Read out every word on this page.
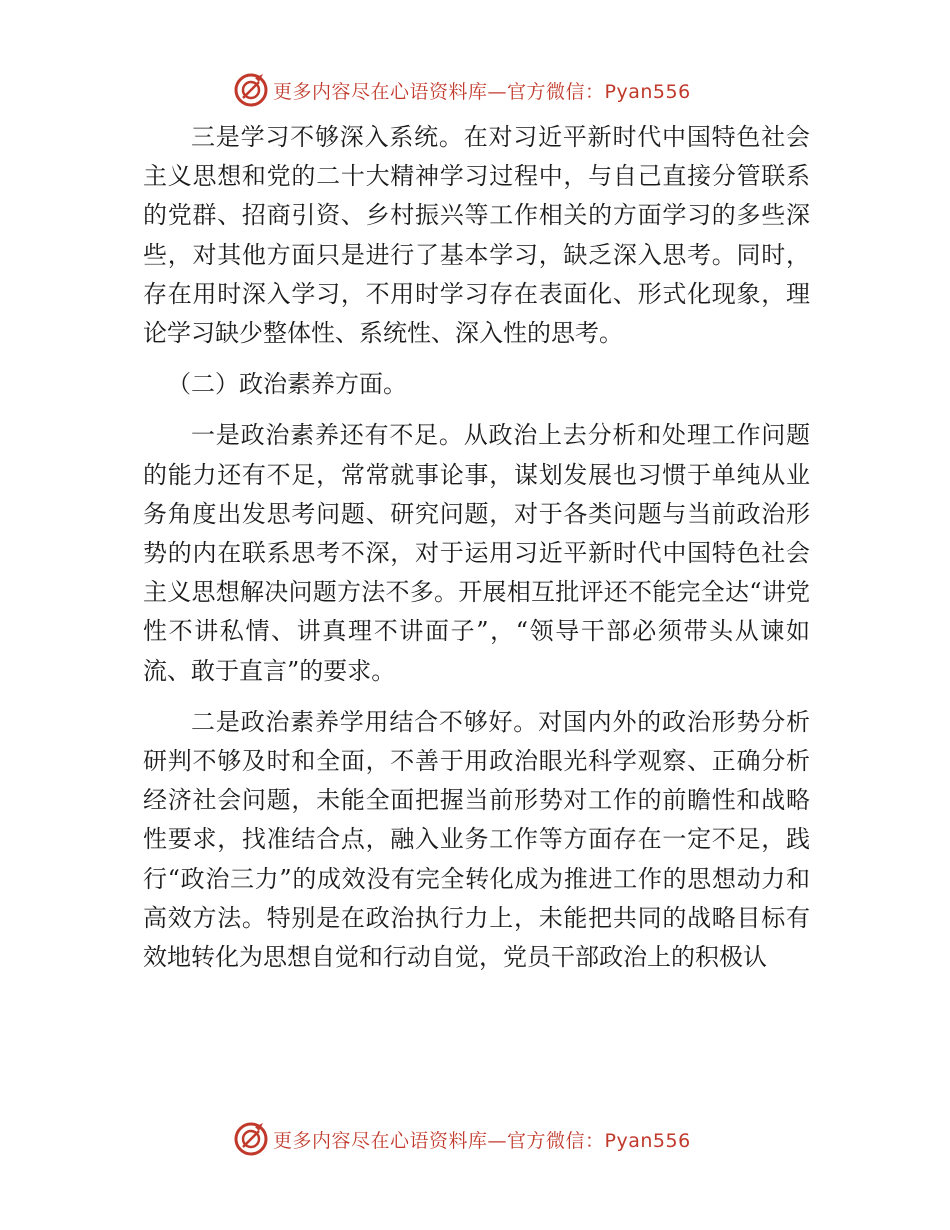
更多内容尽在心语资料库—官方微信：Pyan556

三是学习不够深入系统。在对习近平新时代中国特色社会主义思想和党的二十大精神学习过程中，与自己直接分管联系的党群、招商引资、乡村振兴等工作相关的方面学习的多些深些，对其他方面只是进行了基本学习，缺乏深入思考。同时，存在用时深入学习，不用时学习存在表面化、形式化现象，理论学习缺少整体性、系统性、深入性的思考。

（二）政治素养方面。

一是政治素养还有不足。从政治上去分析和处理工作问题的能力还有不足，常常就事论事，谋划发展也习惯于单纯从业务角度出发思考问题、研究问题，对于各类问题与当前政治形势的内在联系思考不深，对于运用习近平新时代中国特色社会主义思想解决问题方法不多。开展相互批评还不能完全达“讲党性不讲私情、讲真理不讲面子”，“领导干部必须带头从谏如流、敢于直言”的要求。

二是政治素养学用结合不够好。对国内外的政治形势分析研判不够及时和全面，不善于用政治眼光科学观察、正确分析经济社会问题，未能全面把握当前形势对工作的前瞻性和战略性要求，找准结合点，融入业务工作等方面存在一定不足，践行“政治三力”的成效没有完全转化成为推进工作的思想动力和高效方法。特别是在政治执行力上，未能把共同的战略目标有效地转化为思想自觉和行动自觉，党员干部政治上的积极认

更多内容尽在心语资料库—官方微信：Pyan556
